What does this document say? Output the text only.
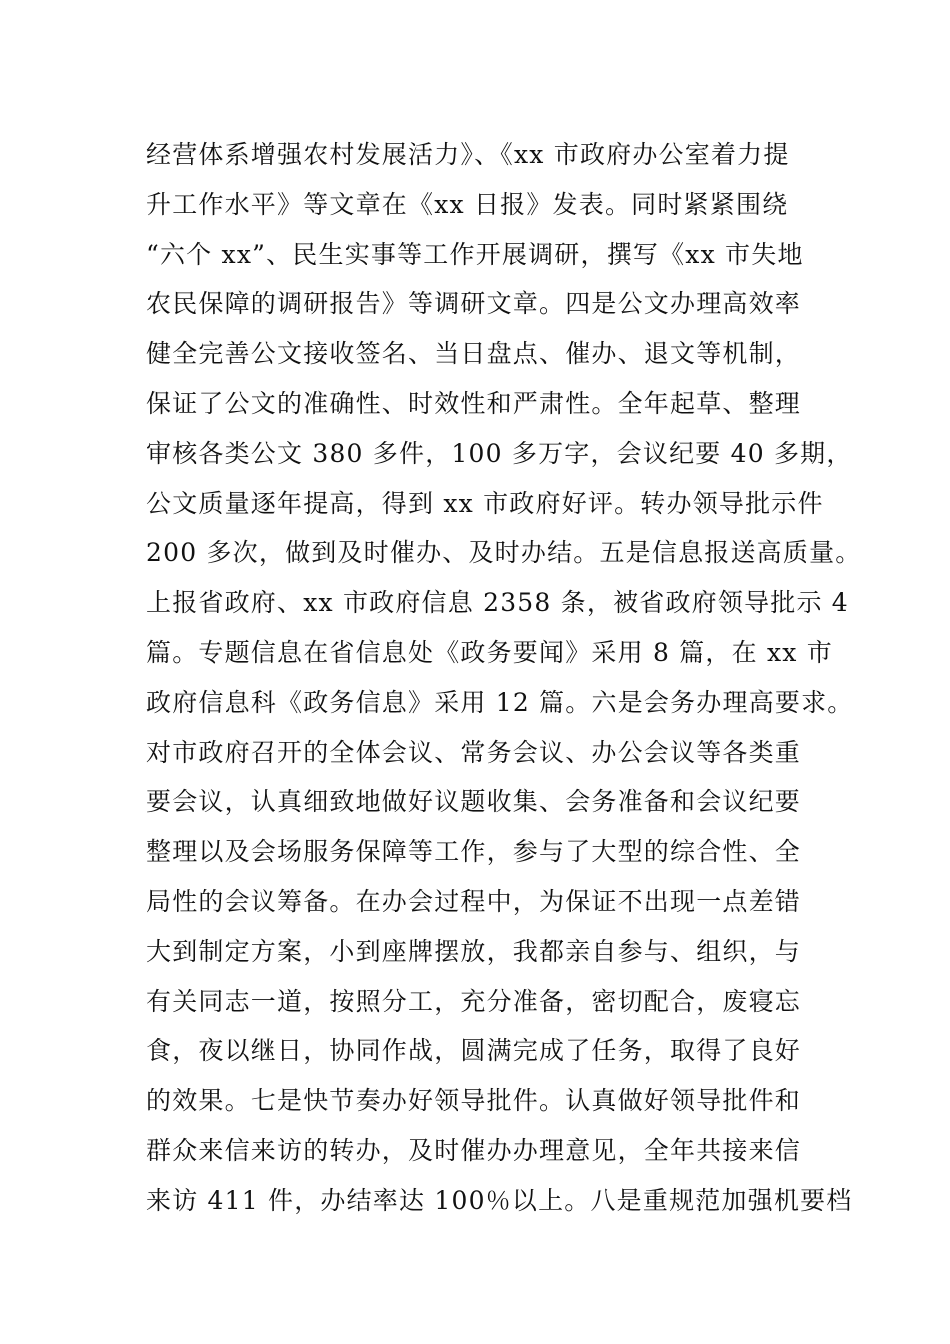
经营体系增强农村发展活力》、《xx 市政府办公室着力提
升工作水平》等文章在《xx 日报》发表。同时紧紧围绕
“六个 xx”、民生实事等工作开展调研，撰写《xx 市失地
农民保障的调研报告》等调研文章。四是公文办理高效率
健全完善公文接收签名、当日盘点、催办、退文等机制，
保证了公文的准确性、时效性和严肃性。全年起草、整理
审核各类公文 380 多件，100 多万字，会议纪要 40 多期，
公文质量逐年提高，得到 xx 市政府好评。转办领导批示件
200 多次，做到及时催办、及时办结。五是信息报送高质量。
上报省政府、xx 市政府信息 2358 条，被省政府领导批示 4
篇。专题信息在省信息处《政务要闻》采用 8 篇，在 xx 市
政府信息科《政务信息》采用 12 篇。六是会务办理高要求。
对市政府召开的全体会议、常务会议、办公会议等各类重
要会议，认真细致地做好议题收集、会务准备和会议纪要
整理以及会场服务保障等工作，参与了大型的综合性、全
局性的会议筹备。在办会过程中，为保证不出现一点差错
大到制定方案，小到座牌摆放，我都亲自参与、组织，与
有关同志一道，按照分工，充分准备，密切配合，废寝忘
食，夜以继日，协同作战，圆满完成了任务，取得了良好
的效果。七是快节奏办好领导批件。认真做好领导批件和
群众来信来访的转办，及时催办办理意见，全年共接来信
来访 411 件，办结率达 100％以上。八是重规范加强机要档
